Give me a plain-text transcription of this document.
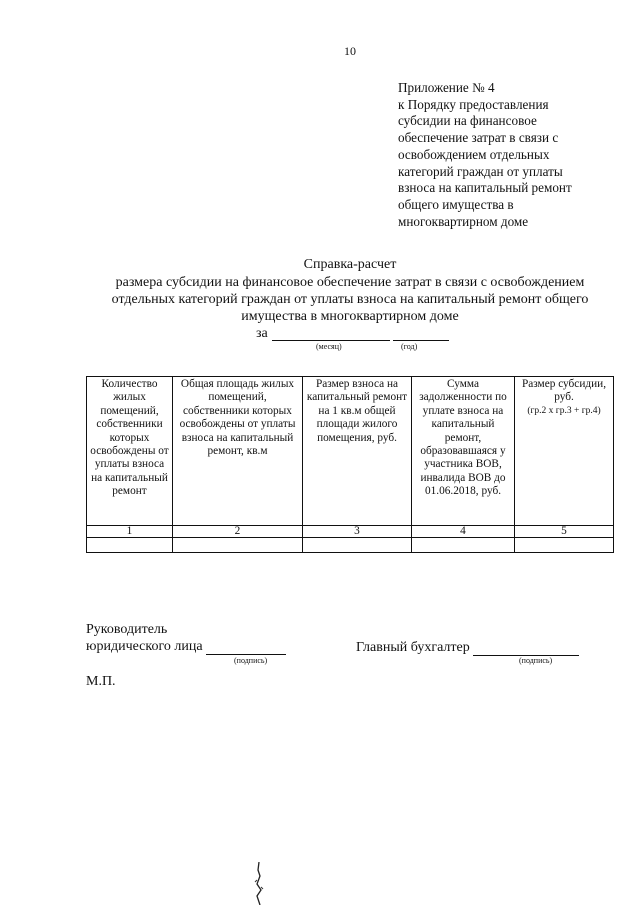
10
Приложение № 4
к Порядку предоставления
субсидии на финансовое
обеспечение затрат в связи с
освобождением отдельных
категорий граждан от уплаты
взноса на капитальный ремонт
общего имущества в
многоквартирном доме
Справка-расчет
размера субсидии на финансовое обеспечение затрат в связи с освобождением
отдельных категорий граждан от уплаты взноса на капитальный ремонт общего
имущества в многоквартирном доме
за
(месяц)	(год)
Количество жилых помещений, собственники которых освобождены от уплаты взноса на капитальный ремонт	Общая площадь жилых помещений, собственники которых освобождены от уплаты взноса на капитальный ремонт, кв.м	Размер взноса на капитальный ремонт на 1 кв.м общей площади жилого помещения, руб.	Сумма задолженности по уплате взноса на капитальный ремонт, образовавшаяся у участника ВОВ, инвалида ВОВ до 01.06.2018, руб.	Размер субсидии, руб.
(гр.2 х гр.3 + гр.4)

1	2	3	4	5

Руководитель
юридического лица
(подпись)
Главный бухгалтер
(подпись)
М.П.
